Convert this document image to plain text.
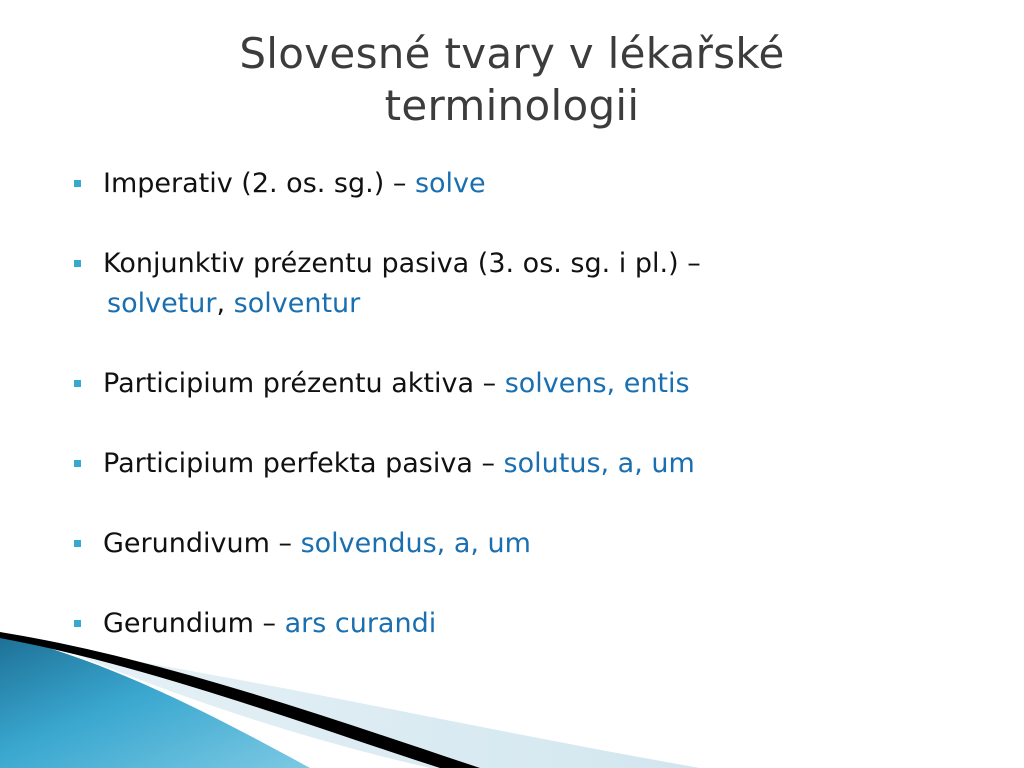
Slovesné tvary v lékařské terminologii
Imperativ (2. os. sg.) – solve
Konjunktiv prézentu pasiva (3. os. sg. i pl.) –
solvetur, solventur
Participium prézentu aktiva – solvens, entis
Participium perfekta pasiva – solutus, a, um
Gerundivum – solvendus, a, um
Gerundium – ars curandi
